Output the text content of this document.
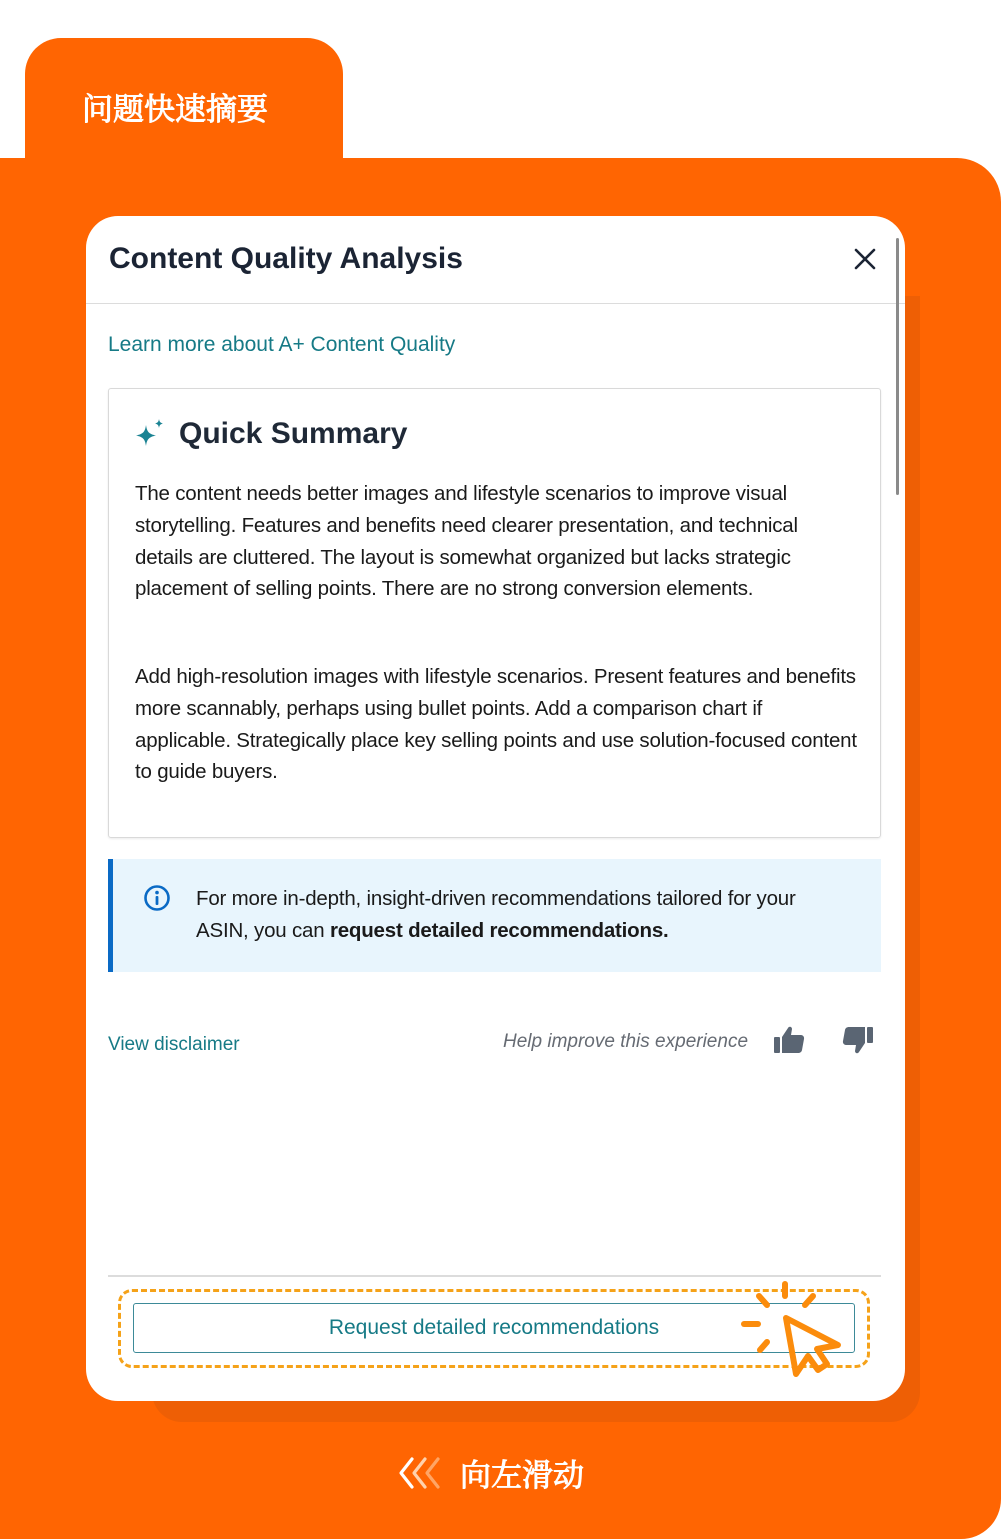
问题快速摘要
Content Quality Analysis
Learn more about A+ Content Quality
Quick Summary

The content needs better images and lifestyle scenarios to improve visual storytelling. Features and benefits need clearer presentation, and technical details are cluttered. The layout is somewhat organized but lacks strategic placement of selling points. There are no strong conversion elements.

Add high-resolution images with lifestyle scenarios. Present features and benefits more scannably, perhaps using bullet points. Add a comparison chart if applicable. Strategically place key selling points and use solution-focused content to guide buyers.

For more in-depth, insight-driven recommendations tailored for your ASIN, you can request detailed recommendations.
View disclaimer	Help improve this experience
Request detailed recommendations
向左滑动
